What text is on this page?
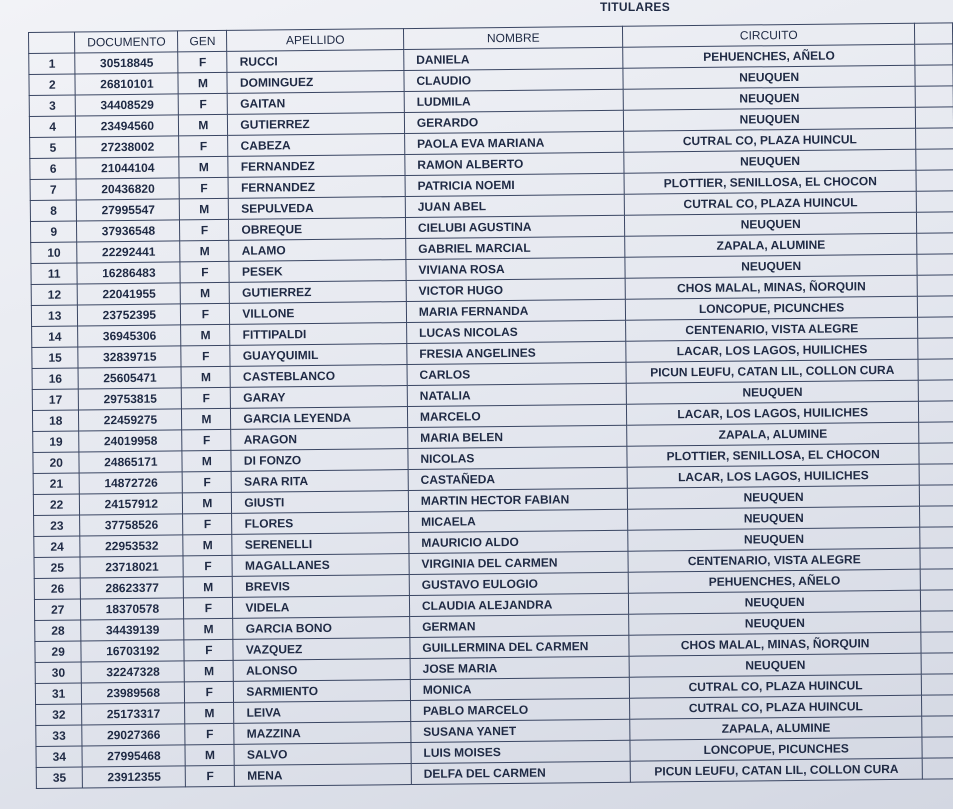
TITULARES
	DOCUMENTO	GEN	APELLIDO	NOMBRE	CIRCUITO	
1	30518845	F	RUCCI	DANIELA	PEHUENCHES, AÑELO	
2	26810101	M	DOMINGUEZ	CLAUDIO	NEUQUEN	
3	34408529	F	GAITAN	LUDMILA	NEUQUEN	
4	23494560	M	GUTIERREZ	GERARDO	NEUQUEN	
5	27238002	F	CABEZA	PAOLA EVA MARIANA	CUTRAL CO, PLAZA HUINCUL	
6	21044104	M	FERNANDEZ	RAMON ALBERTO	NEUQUEN	
7	20436820	F	FERNANDEZ	PATRICIA NOEMI	PLOTTIER, SENILLOSA, EL CHOCON	
8	27995547	M	SEPULVEDA	JUAN ABEL	CUTRAL CO, PLAZA HUINCUL	
9	37936548	F	OBREQUE	CIELUBI AGUSTINA	NEUQUEN	
10	22292441	M	ALAMO	GABRIEL MARCIAL	ZAPALA, ALUMINE	
11	16286483	F	PESEK	VIVIANA ROSA	NEUQUEN	
12	22041955	M	GUTIERREZ	VICTOR HUGO	CHOS MALAL, MINAS, ÑORQUIN	
13	23752395	F	VILLONE	MARIA FERNANDA	LONCOPUE, PICUNCHES	
14	36945306	M	FITTIPALDI	LUCAS NICOLAS	CENTENARIO, VISTA ALEGRE	
15	32839715	F	GUAYQUIMIL	FRESIA ANGELINES	LACAR, LOS LAGOS, HUILICHES	
16	25605471	M	CASTEBLANCO	CARLOS	PICUN LEUFU, CATAN LIL, COLLON CURA	
17	29753815	F	GARAY	NATALIA	NEUQUEN	
18	22459275	M	GARCIA LEYENDA	MARCELO	LACAR, LOS LAGOS, HUILICHES	
19	24019958	F	ARAGON	MARIA BELEN	ZAPALA, ALUMINE	
20	24865171	M	DI FONZO	NICOLAS	PLOTTIER, SENILLOSA, EL CHOCON	
21	14872726	F	SARA RITA	CASTAÑEDA	LACAR, LOS LAGOS, HUILICHES	
22	24157912	M	GIUSTI	MARTIN HECTOR FABIAN	NEUQUEN	
23	37758526	F	FLORES	MICAELA	NEUQUEN	
24	22953532	M	SERENELLI	MAURICIO ALDO	NEUQUEN	
25	23718021	F	MAGALLANES	VIRGINIA DEL CARMEN	CENTENARIO, VISTA ALEGRE	
26	28623377	M	BREVIS	GUSTAVO EULOGIO	PEHUENCHES, AÑELO	
27	18370578	F	VIDELA	CLAUDIA ALEJANDRA	NEUQUEN	
28	34439139	M	GARCIA BONO	GERMAN	NEUQUEN	
29	16703192	F	VAZQUEZ	GUILLERMINA DEL CARMEN	CHOS MALAL, MINAS, ÑORQUIN	
30	32247328	M	ALONSO	JOSE MARIA	NEUQUEN	
31	23989568	F	SARMIENTO	MONICA	CUTRAL CO, PLAZA HUINCUL	
32	25173317	M	LEIVA	PABLO MARCELO	CUTRAL CO, PLAZA HUINCUL	
33	29027366	F	MAZZINA	SUSANA YANET	ZAPALA, ALUMINE	
34	27995468	M	SALVO	LUIS MOISES	LONCOPUE, PICUNCHES	
35	23912355	F	MENA	DELFA DEL CARMEN	PICUN LEUFU, CATAN LIL, COLLON CURA	
